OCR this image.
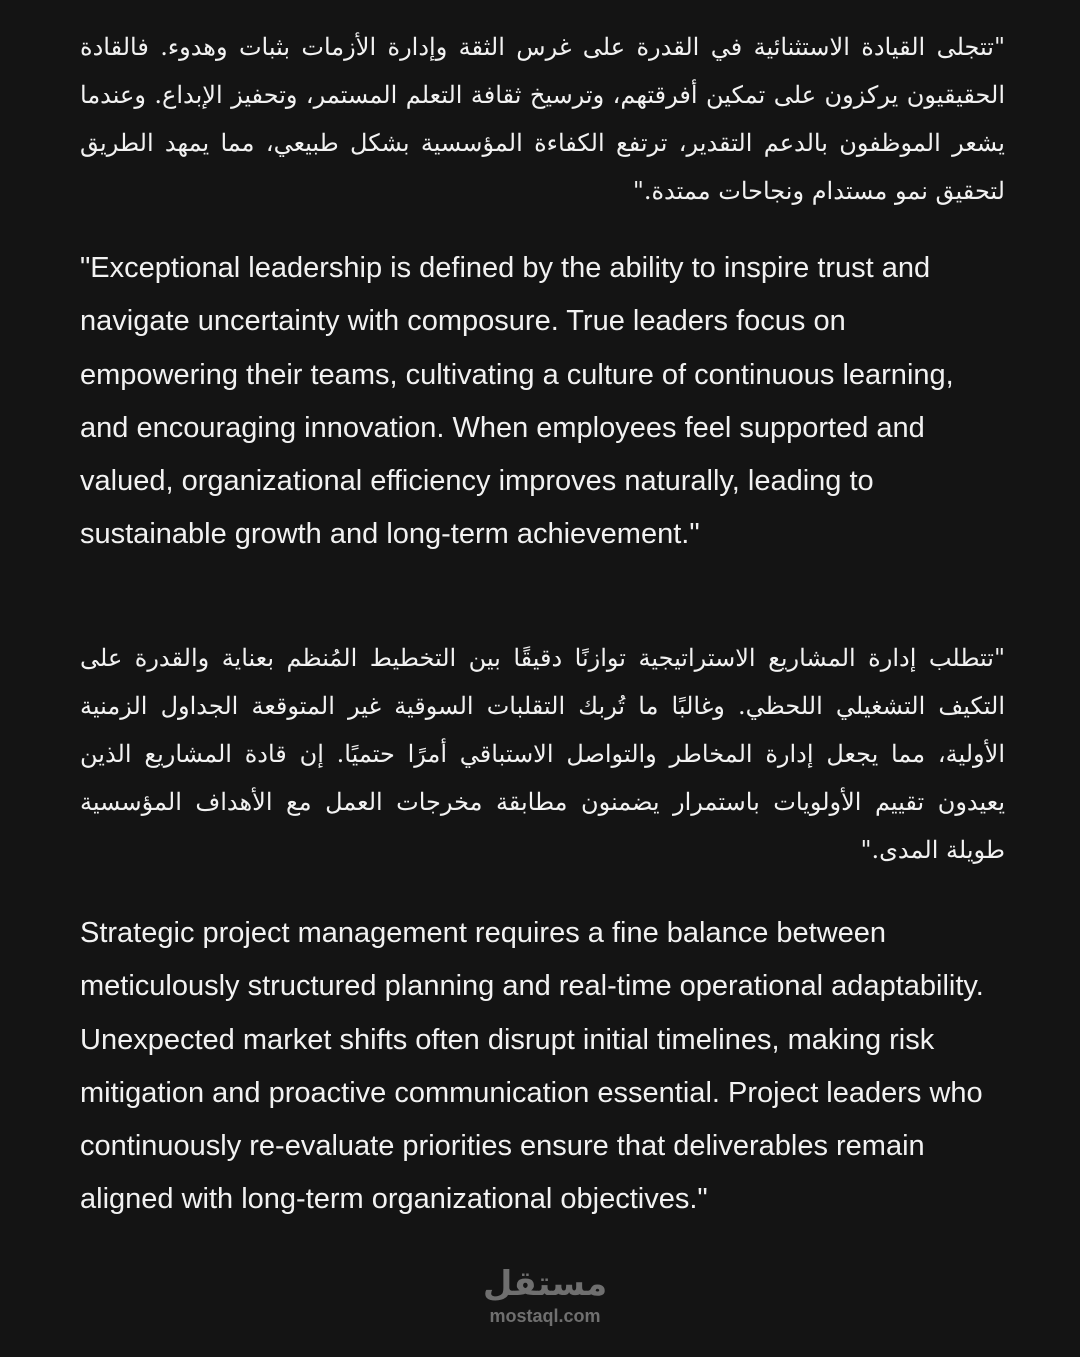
"تتجلى القيادة الاستثنائية في القدرة على غرس الثقة وإدارة الأزمات بثبات وهدوء. فالقادة الحقيقيون يركزون على تمكين أفرقتهم، وترسيخ ثقافة التعلم المستمر، وتحفيز الإبداع. وعندما يشعر الموظفون بالدعم التقدير، ترتفع الكفاءة المؤسسية بشكل طبيعي، مما يمهد الطريق لتحقيق نمو مستدام ونجاحات ممتدة."

"Exceptional leadership is defined by the ability to inspire trust and navigate uncertainty with composure. True leaders focus on empowering their teams, cultivating a culture of continuous learning, and encouraging innovation. When employees feel supported and valued, organizational efficiency improves naturally, leading to sustainable growth and long-term achievement."

"تتطلب إدارة المشاريع الاستراتيجية توازنًا دقيقًا بين التخطيط المُنظم بعناية والقدرة على التكيف التشغيلي اللحظي. وغالبًا ما تُربك التقلبات السوقية غير المتوقعة الجداول الزمنية الأولية، مما يجعل إدارة المخاطر والتواصل الاستباقي أمرًا حتميًا. إن قادة المشاريع الذين يعيدون تقييم الأولويات باستمرار يضمنون مطابقة مخرجات العمل مع الأهداف المؤسسية طويلة المدى."

Strategic project management requires a fine balance between meticulously structured planning and real-time operational adaptability. Unexpected market shifts often disrupt initial timelines, making risk mitigation and proactive communication essential. Project leaders who continuously re-evaluate priorities ensure that deliverables remain aligned with long-term organizational objectives."

مستقل
mostaql.com
